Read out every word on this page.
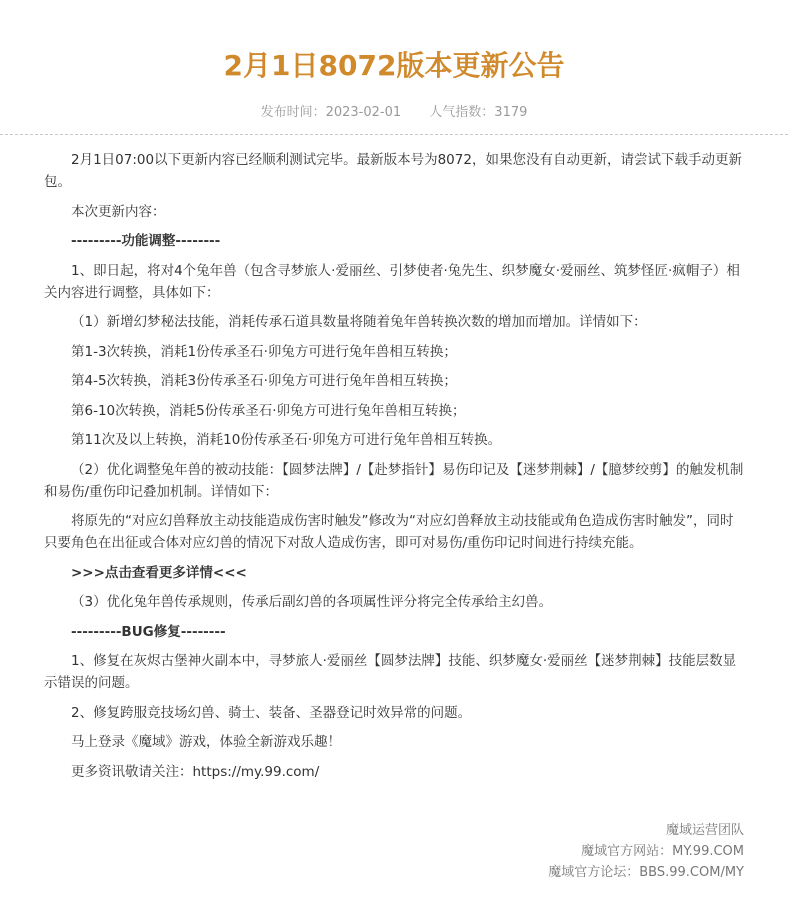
2月1日8072版本更新公告
发布时间：2023-02-01 人气指数：3179

2月1日07:00以下更新内容已经顺利测试完毕。最新版本号为8072，如果您没有自动更新，请尝试下载手动更新包。

本次更新内容：

---------功能调整--------

1、即日起，将对4个兔年兽（包含寻梦旅人·爱丽丝、引梦使者·兔先生、织梦魔女·爱丽丝、筑梦怪匠·疯帽子）相关内容进行调整，具体如下：

（1）新增幻梦秘法技能，消耗传承石道具数量将随着兔年兽转换次数的增加而增加。详情如下：

第1-3次转换，消耗1份传承圣石·卯兔方可进行兔年兽相互转换；

第4-5次转换，消耗3份传承圣石·卯兔方可进行兔年兽相互转换；

第6-10次转换，消耗5份传承圣石·卯兔方可进行兔年兽相互转换；

第11次及以上转换，消耗10份传承圣石·卯兔方可进行兔年兽相互转换。

（2）优化调整兔年兽的被动技能：【圆梦法牌】/【赴梦指针】易伤印记及【迷梦荆棘】/【臆梦绞剪】的触发机制和易伤/重伤印记叠加机制。详情如下：

将原先的“对应幻兽释放主动技能造成伤害时触发”修改为“对应幻兽释放主动技能或角色造成伤害时触发”，同时只要角色在出征或合体对应幻兽的情况下对敌人造成伤害，即可对易伤/重伤印记时间进行持续充能。

>>>点击查看更多详情<<<

（3）优化兔年兽传承规则，传承后副幻兽的各项属性评分将完全传承给主幻兽。

---------BUG修复--------

1、修复在灰烬古堡神火副本中，寻梦旅人·爱丽丝【圆梦法牌】技能、织梦魔女·爱丽丝【迷梦荆棘】技能层数显示错误的问题。

2、修复跨服竞技场幻兽、骑士、装备、圣器登记时效异常的问题。

马上登录《魔域》游戏，体验全新游戏乐趣！

更多资讯敬请关注：https://my.99.com/

魔域运营团队
魔域官方网站：MY.99.COM
魔域官方论坛：BBS.99.COM/MY
